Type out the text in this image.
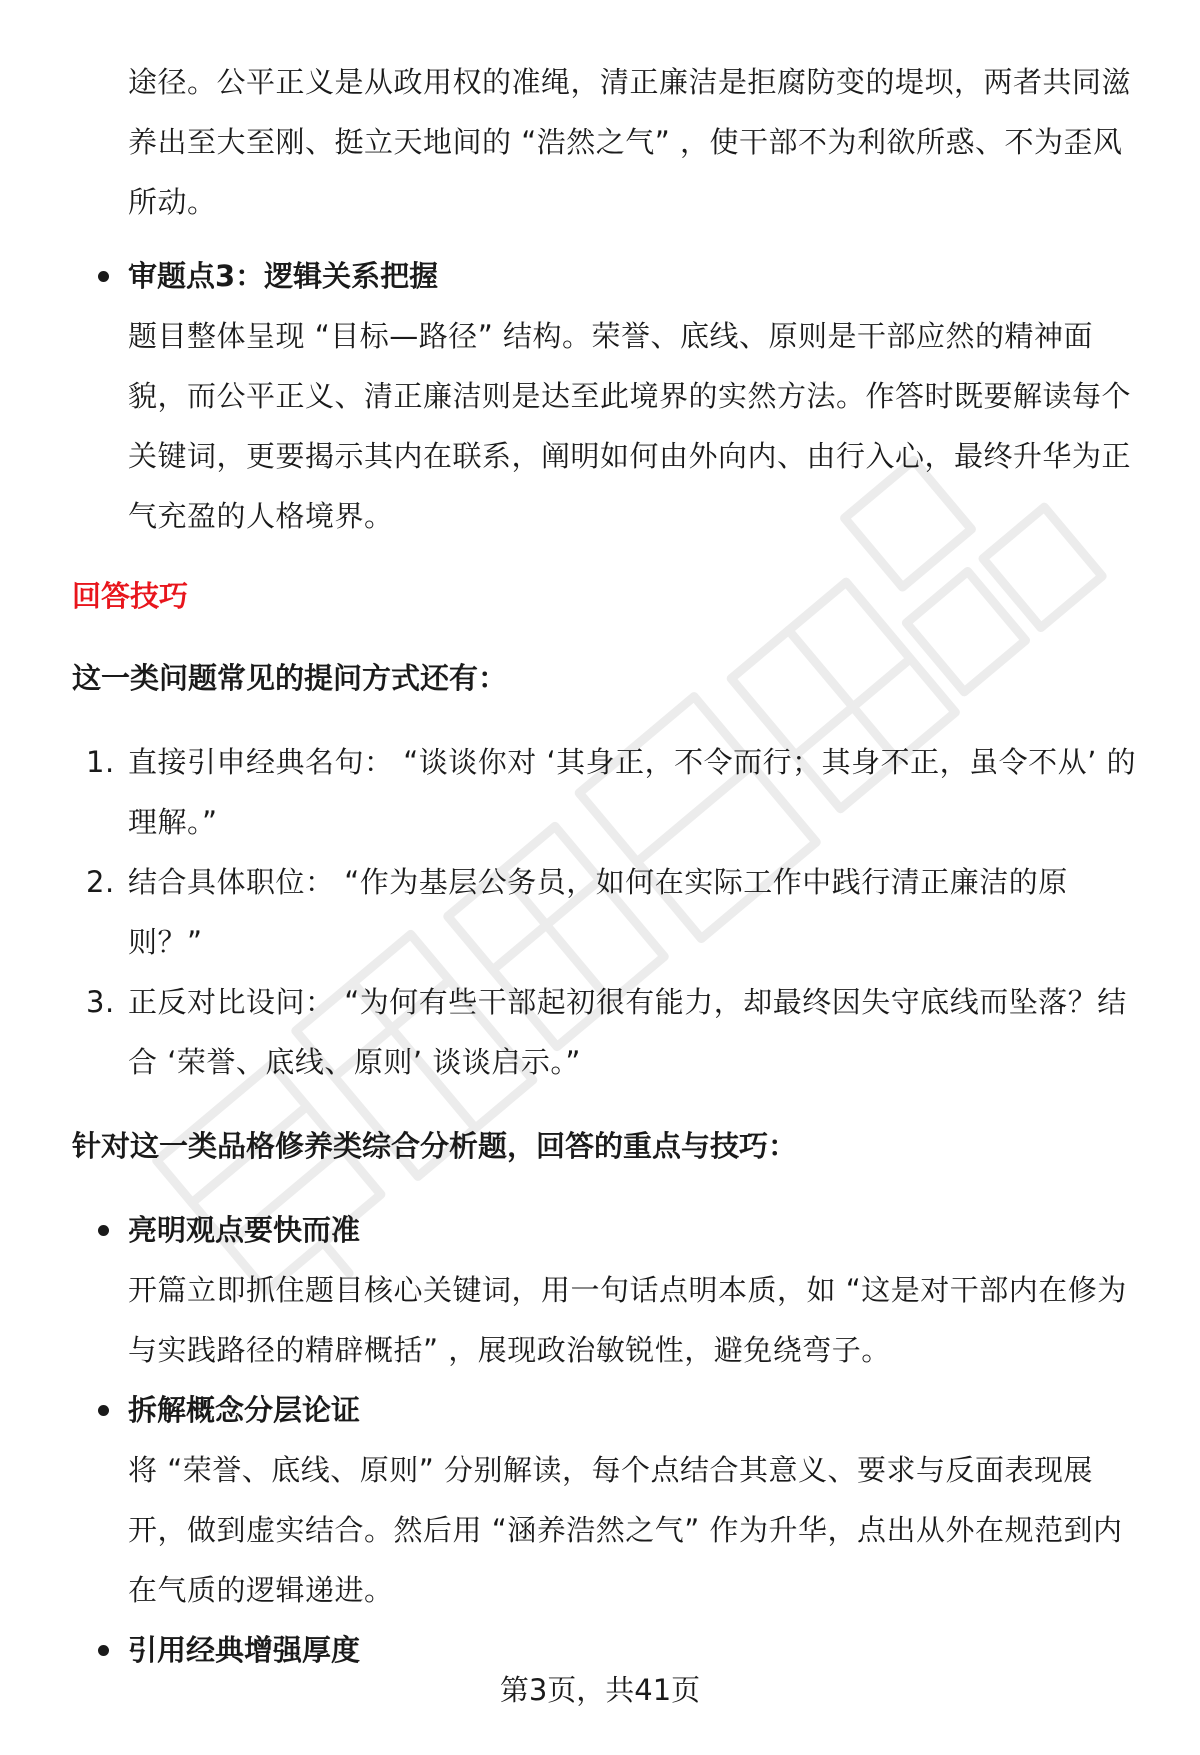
途径。公平正义是从政用权的准绳，清正廉洁是拒腐防变的堤坝，两者共同滋养出至大至刚、挺立天地间的 “浩然之气” ，使干部不为利欲所惑、不为歪风所动。

审题点3：逻辑关系把握

题目整体呈现 “目标—路径” 结构。荣誉、底线、原则是干部应然的精神面貌，而公平正义、清正廉洁则是达至此境界的实然方法。作答时既要解读每个关键词，更要揭示其内在联系，阐明如何由外向内、由行入心，最终升华为正气充盈的人格境界。

回答技巧
这一类问题常见的提问方式还有：

1. 直接引申经典名句： “谈谈你对 ‘其身正，不令而行；其身不正，虽令不从’ 的理解。”

2. 结合具体职位： “作为基层公务员，如何在实际工作中践行清正廉洁的原则？”

3. 正反对比设问： “为何有些干部起初很有能力，却最终因失守底线而坠落？结合 ‘荣誉、底线、原则’ 谈谈启示。”

针对这一类品格修养类综合分析题，回答的重点与技巧：

亮明观点要快而准

开篇立即抓住题目核心关键词，用一句话点明本质，如 “这是对干部内在修为与实践路径的精辟概括” ，展现政治敏锐性，避免绕弯子。

拆解概念分层论证

将 “荣誉、底线、原则” 分别解读，每个点结合其意义、要求与反面表现展开，做到虚实结合。然后用 “涵养浩然之气” 作为升华，点出从外在规范到内在气质的逻辑递进。

引用经典增强厚度

第3页，共41页
